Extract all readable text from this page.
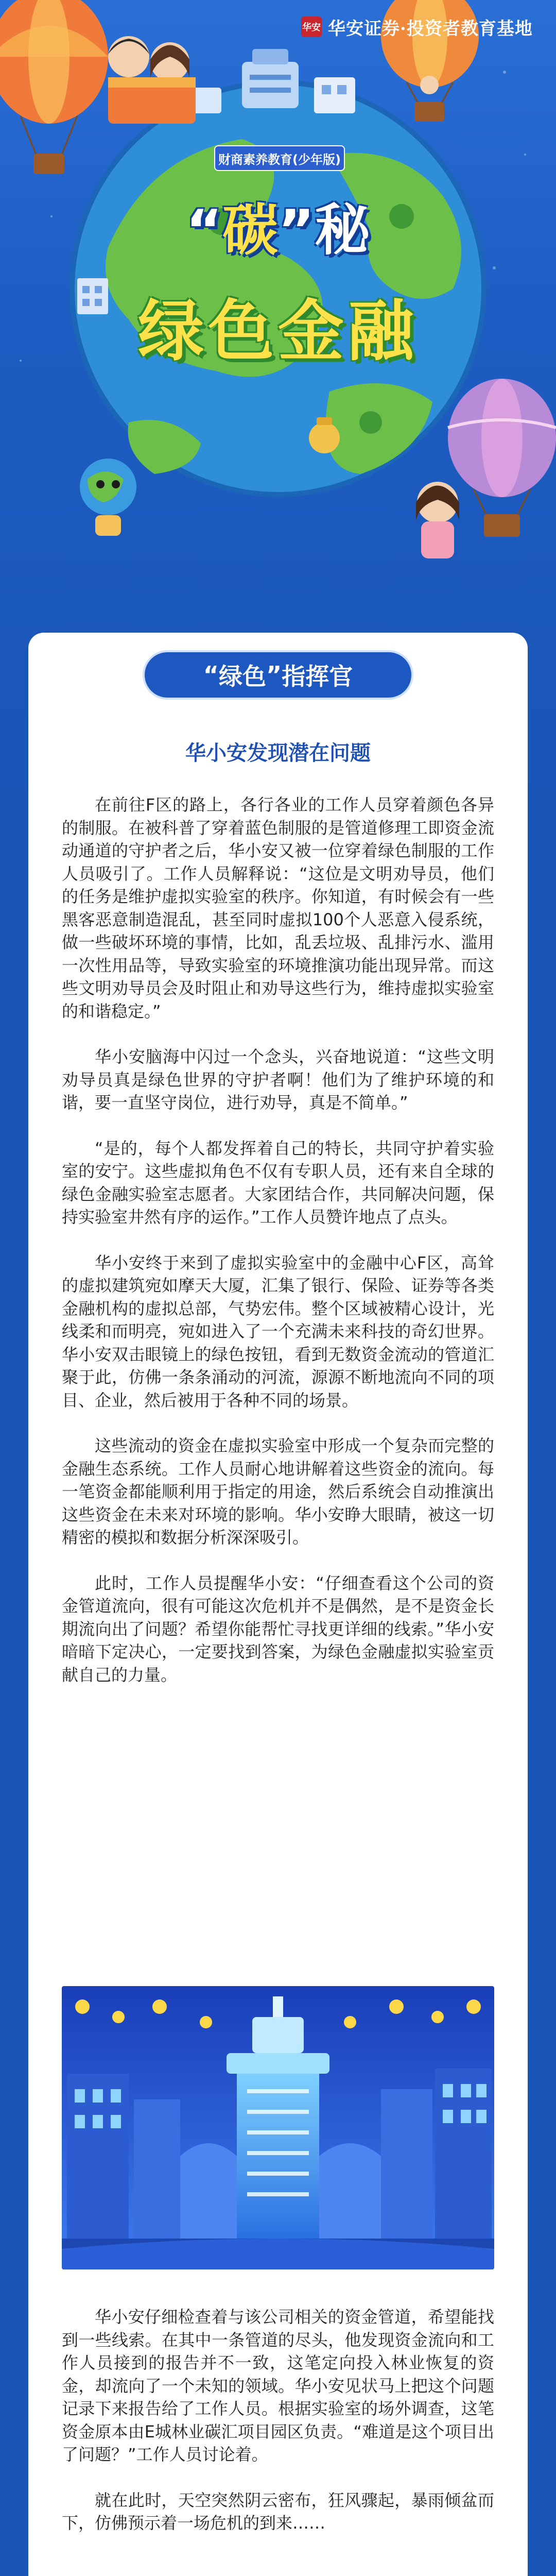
华安 华安证券·投资者教育基地
财商素养教育(少年版)
“碳”秘
绿色金融
“ 绿色 ” 指挥官
华小安发现潜在问题

在前往F区的路上，各行各业的工作人员穿着颜色各异的制服。在被科普了穿着蓝色制服的是管道修理工即资金流动通道的守护者之后，华小安又被一位穿着绿色制服的工作人员吸引了。工作人员解释说：“这位是文明劝导员，他们的任务是维护虚拟实验室的秩序。你知道，有时候会有一些黑客恶意制造混乱，甚至同时虚拟100个人恶意入侵系统，做一些破坏环境的事情，比如，乱丢垃圾、乱排污水、滥用一次性用品等，导致实验室的环境推演功能出现异常。而这些文明劝导员会及时阻止和劝导这些行为，维持虚拟实验室的和谐稳定。”

华小安脑海中闪过一个念头，兴奋地说道：“这些文明劝导员真是绿色世界的守护者啊！他们为了维护环境的和谐，要一直坚守岗位，进行劝导，真是不简单。”

“是的，每个人都发挥着自己的特长，共同守护着实验室的安宁。这些虚拟角色不仅有专职人员，还有来自全球的绿色金融实验室志愿者。大家团结合作，共同解决问题，保持实验室井然有序的运作。”工作人员赞许地点了点头。

华小安终于来到了虚拟实验室中的金融中心F区，高耸的虚拟建筑宛如摩天大厦，汇集了银行、保险、证券等各类金融机构的虚拟总部，气势宏伟。整个区域被精心设计，光线柔和而明亮，宛如进入了一个充满未来科技的奇幻世界。华小安双击眼镜上的绿色按钮，看到无数资金流动的管道汇聚于此，仿佛一条条涌动的河流，源源不断地流向不同的项目、企业，然后被用于各种不同的场景。

这些流动的资金在虚拟实验室中形成一个复杂而完整的金融生态系统。工作人员耐心地讲解着这些资金的流向。每一笔资金都能顺利用于指定的用途，然后系统会自动推演出这些资金在未来对环境的影响。华小安睁大眼睛，被这一切精密的模拟和数据分析深深吸引。

此时，工作人员提醒华小安：“仔细查看这个公司的资金管道流向，很有可能这次危机并不是偶然，是不是资金长期流向出了问题？希望你能帮忙寻找更详细的线索。”华小安暗暗下定决心，一定要找到答案，为绿色金融虚拟实验室贡献自己的力量。

华小安仔细检查着与该公司相关的资金管道，希望能找到一些线索。在其中一条管道的尽头，他发现资金流向和工作人员接到的报告并不一致，这笔定向投入林业恢复的资金，却流向了一个未知的领域。华小安见状马上把这个问题记录下来报告给了工作人员。根据实验室的场外调查，这笔资金原本由E城林业碳汇项目园区负责。“难道是这个项目出了问题？”工作人员讨论着。

就在此时，天空突然阴云密布，狂风骤起，暴雨倾盆而下，仿佛预示着一场危机的到来……
